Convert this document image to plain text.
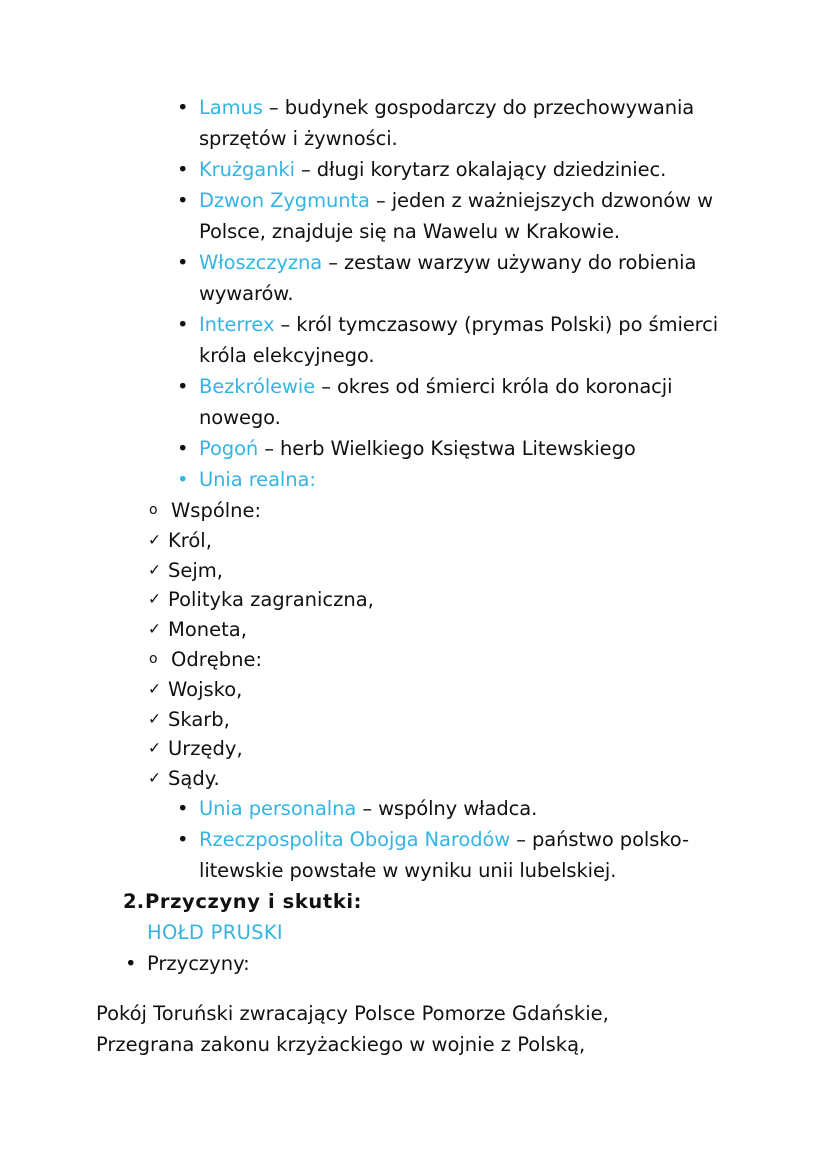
• Lamus – budynek gospodarczy do przechowywania sprzętów i żywności.
• Krużganki – długi korytarz okalający dziedziniec.
• Dzwon Zygmunta – jeden z ważniejszych dzwonów w Polsce, znajduje się na Wawelu w Krakowie.
• Włoszczyzna – zestaw warzyw używany do robienia wywarów.
• Interrex – król tymczasowy (prymas Polski) po śmierci króla elekcyjnego.
• Bezkrólewie – okres od śmierci króla do koronacji nowego.
• Pogoń – herb Wielkiego Księstwa Litewskiego
• Unia realna:
o Wspólne:
✓ Król,
✓ Sejm,
✓ Polityka zagraniczna,
✓ Moneta,
o Odrębne:
✓ Wojsko,
✓ Skarb,
✓ Urzędy,
✓ Sądy.
• Unia personalna – wspólny władca.
• Rzeczpospolita Obojga Narodów – państwo polsko-litewskie powstałe w wyniku unii lubelskiej.
2. Przyczyny i skutki:
HOŁD PRUSKI
• Przyczyny:
Pokój Toruński zwracający Polsce Pomorze Gdańskie,
Przegrana zakonu krzyżackiego w wojnie z Polską,
